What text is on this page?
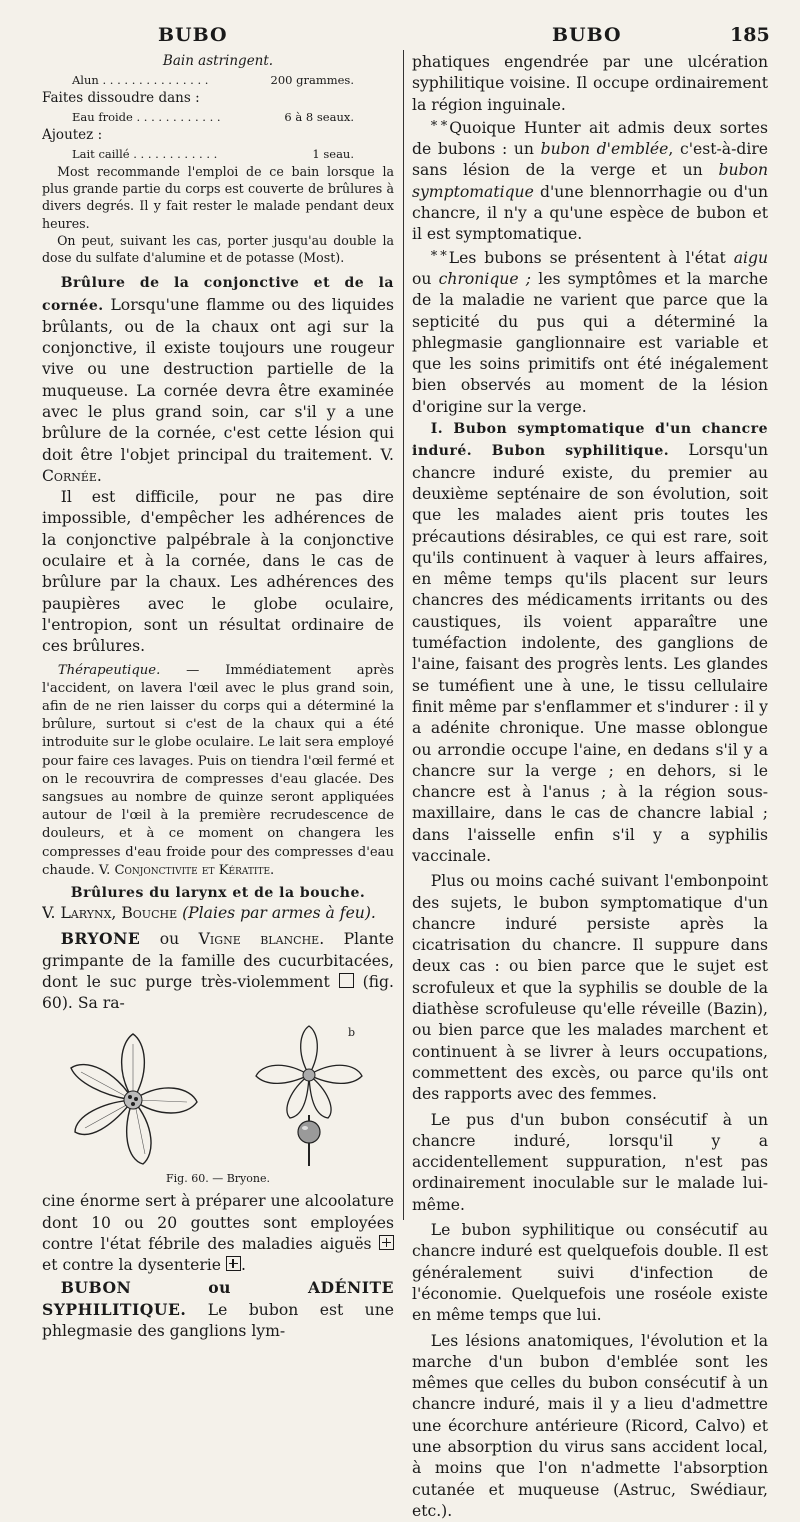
BUBO	BUBO	185

Bain astringent.

Alun . . . . . . . . . . . . . . .	200 grammes.

Faites dissoudre dans :

Eau froide . . . . . . . . . . . .	6 à 8 seaux.

Ajoutez :

Lait caillé . . . . . . . . . . . .	1 seau.

Most recommande l'emploi de ce bain lorsque la plus grande partie du corps est couverte de brûlures à divers degrés. Il y fait rester le malade pendant deux heures.

On peut, suivant les cas, porter jusqu'au double la dose du sulfate d'alumine et de potasse (Most).

Brûlure de la conjonctive et de la cornée. Lorsqu'une flamme ou des liquides brûlants, ou de la chaux ont agi sur la conjonctive, il existe toujours une rougeur vive ou une destruction partielle de la muqueuse. La cornée devra être examinée avec le plus grand soin, car s'il y a une brûlure de la cornée, c'est cette lésion qui doit être l'objet principal du traitement. V. Cornée.

Il est difficile, pour ne pas dire impossible, d'empêcher les adhérences de la conjonctive palpébrale à la conjonctive oculaire et à la cornée, dans le cas de brûlure par la chaux. Les adhérences des paupières avec le globe oculaire, l'entropion, sont un résultat ordinaire de ces brûlures.

Thérapeutique. — Immédiatement après l'accident, on lavera l'œil avec le plus grand soin, afin de ne rien laisser du corps qui a déterminé la brûlure, surtout si c'est de la chaux qui a été introduite sur le globe oculaire. Le lait sera employé pour faire ces lavages. Puis on tiendra l'œil fermé et on le recouvrira de compresses d'eau glacée. Des sangsues au nombre de quinze seront appliquées autour de l'œil à la première recrudescence de douleurs, et à ce moment on changera les compresses d'eau froide pour des compresses d'eau chaude. V. Conjonctivite et Kératite.

Brûlures du larynx et de la bouche.

V. Larynx, Bouche (Plaies par armes à feu).

BRYONE ou Vigne blanche. Plante grimpante de la famille des cucurbitacées, dont le suc purge très-violemment  (fig. 60). Sa ra-

b

Fig. 60. — Bryone.

cine énorme sert à préparer une alcoolature dont 10 ou 20 gouttes sont employées contre l'état fébrile des maladies aiguës  et contre la dysenterie .

BUBON ou ADÉNITE SYPHILITIQUE. Le bubon est une phlegmasie des ganglions lym-

phatiques engendrée par une ulcération syphilitique voisine. Il occupe ordinairement la région inguinale.

* * Quoique Hunter ait admis deux sortes de bubons : un bubon d'emblée, c'est-à-dire sans lésion de la verge et un bubon symptomatique d'une blennorrhagie ou d'un chancre, il n'y a qu'une espèce de bubon et il est symptomatique.

* * Les bubons se présentent à l'état aigu ou chronique ; les symptômes et la marche de la maladie ne varient que parce que la septicité du pus qui a déterminé la phlegmasie ganglionnaire est variable et que les soins primitifs ont été inégalement bien observés au moment de la lésion d'origine sur la verge.

I. Bubon symptomatique d'un chancre induré. Bubon syphilitique. Lorsqu'un chancre induré existe, du premier au deuxième septénaire de son évolution, soit que les malades aient pris toutes les précautions désirables, ce qui est rare, soit qu'ils continuent à vaquer à leurs affaires, en même temps qu'ils placent sur leurs chancres des médicaments irritants ou des caustiques, ils voient apparaître une tuméfaction indolente, des ganglions de l'aine, faisant des progrès lents. Les glandes se tuméfient une à une, le tissu cellulaire finit même par s'enflammer et s'indurer : il y a adénite chronique. Une masse oblongue ou arrondie occupe l'aine, en dedans s'il y a chancre sur la verge ; en dehors, si le chancre est à l'anus ; à la région sous-maxillaire, dans le cas de chancre labial ; dans l'aisselle enfin s'il y a syphilis vaccinale.

Plus ou moins caché suivant l'embonpoint des sujets, le bubon symptomatique d'un chancre induré persiste après la cicatrisation du chancre. Il suppure dans deux cas : ou bien parce que le sujet est scrofuleux et que la syphilis se double de la diathèse scrofuleuse qu'elle réveille (Bazin), ou bien parce que les malades marchent et continuent à se livrer à leurs occupations, commettent des excès, ou parce qu'ils ont des rapports avec des femmes.

Le pus d'un bubon consécutif à un chancre induré, lorsqu'il y a accidentellement suppuration, n'est pas ordinairement inoculable sur le malade lui-même.

Le bubon syphilitique ou consécutif au chancre induré est quelquefois double. Il est généralement suivi d'infection de l'économie. Quelquefois une roséole existe en même temps que lui.

Les lésions anatomiques, l'évolution et la marche d'un bubon d'emblée sont les mêmes que celles du bubon consécutif à un chancre induré, mais il y a lieu d'admettre une écorchure antérieure (Ricord, Calvo) et une absorption du virus sans accident local, à moins que l'on n'admette l'absorption cutanée et muqueuse (Astruc, Swédiaur, etc.).
